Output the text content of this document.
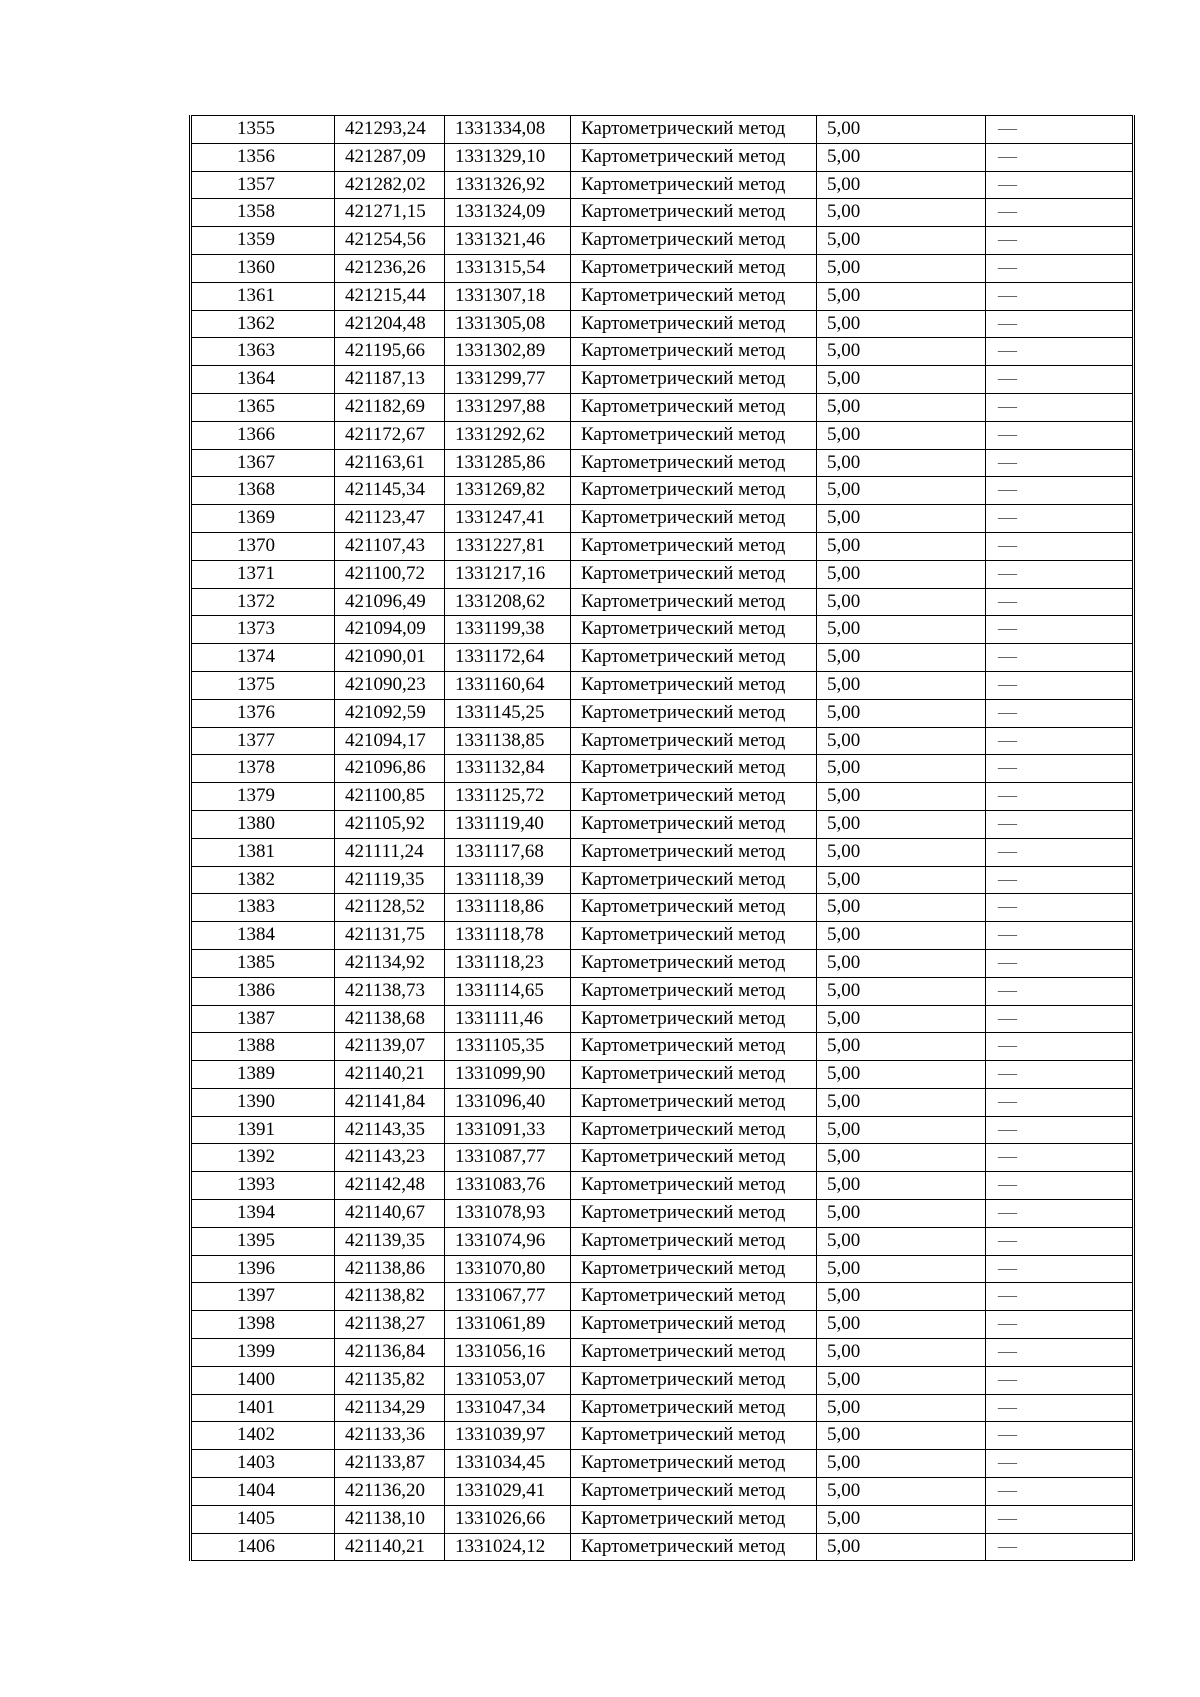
1355	421293,24	1331334,08	Картометрический метод	5,00	—
1356	421287,09	1331329,10	Картометрический метод	5,00	—
1357	421282,02	1331326,92	Картометрический метод	5,00	—
1358	421271,15	1331324,09	Картометрический метод	5,00	—
1359	421254,56	1331321,46	Картометрический метод	5,00	—
1360	421236,26	1331315,54	Картометрический метод	5,00	—
1361	421215,44	1331307,18	Картометрический метод	5,00	—
1362	421204,48	1331305,08	Картометрический метод	5,00	—
1363	421195,66	1331302,89	Картометрический метод	5,00	—
1364	421187,13	1331299,77	Картометрический метод	5,00	—
1365	421182,69	1331297,88	Картометрический метод	5,00	—
1366	421172,67	1331292,62	Картометрический метод	5,00	—
1367	421163,61	1331285,86	Картометрический метод	5,00	—
1368	421145,34	1331269,82	Картометрический метод	5,00	—
1369	421123,47	1331247,41	Картометрический метод	5,00	—
1370	421107,43	1331227,81	Картометрический метод	5,00	—
1371	421100,72	1331217,16	Картометрический метод	5,00	—
1372	421096,49	1331208,62	Картометрический метод	5,00	—
1373	421094,09	1331199,38	Картометрический метод	5,00	—
1374	421090,01	1331172,64	Картометрический метод	5,00	—
1375	421090,23	1331160,64	Картометрический метод	5,00	—
1376	421092,59	1331145,25	Картометрический метод	5,00	—
1377	421094,17	1331138,85	Картометрический метод	5,00	—
1378	421096,86	1331132,84	Картометрический метод	5,00	—
1379	421100,85	1331125,72	Картометрический метод	5,00	—
1380	421105,92	1331119,40	Картометрический метод	5,00	—
1381	421111,24	1331117,68	Картометрический метод	5,00	—
1382	421119,35	1331118,39	Картометрический метод	5,00	—
1383	421128,52	1331118,86	Картометрический метод	5,00	—
1384	421131,75	1331118,78	Картометрический метод	5,00	—
1385	421134,92	1331118,23	Картометрический метод	5,00	—
1386	421138,73	1331114,65	Картометрический метод	5,00	—
1387	421138,68	1331111,46	Картометрический метод	5,00	—
1388	421139,07	1331105,35	Картометрический метод	5,00	—
1389	421140,21	1331099,90	Картометрический метод	5,00	—
1390	421141,84	1331096,40	Картометрический метод	5,00	—
1391	421143,35	1331091,33	Картометрический метод	5,00	—
1392	421143,23	1331087,77	Картометрический метод	5,00	—
1393	421142,48	1331083,76	Картометрический метод	5,00	—
1394	421140,67	1331078,93	Картометрический метод	5,00	—
1395	421139,35	1331074,96	Картометрический метод	5,00	—
1396	421138,86	1331070,80	Картометрический метод	5,00	—
1397	421138,82	1331067,77	Картометрический метод	5,00	—
1398	421138,27	1331061,89	Картометрический метод	5,00	—
1399	421136,84	1331056,16	Картометрический метод	5,00	—
1400	421135,82	1331053,07	Картометрический метод	5,00	—
1401	421134,29	1331047,34	Картометрический метод	5,00	—
1402	421133,36	1331039,97	Картометрический метод	5,00	—
1403	421133,87	1331034,45	Картометрический метод	5,00	—
1404	421136,20	1331029,41	Картометрический метод	5,00	—
1405	421138,10	1331026,66	Картометрический метод	5,00	—
1406	421140,21	1331024,12	Картометрический метод	5,00	—
